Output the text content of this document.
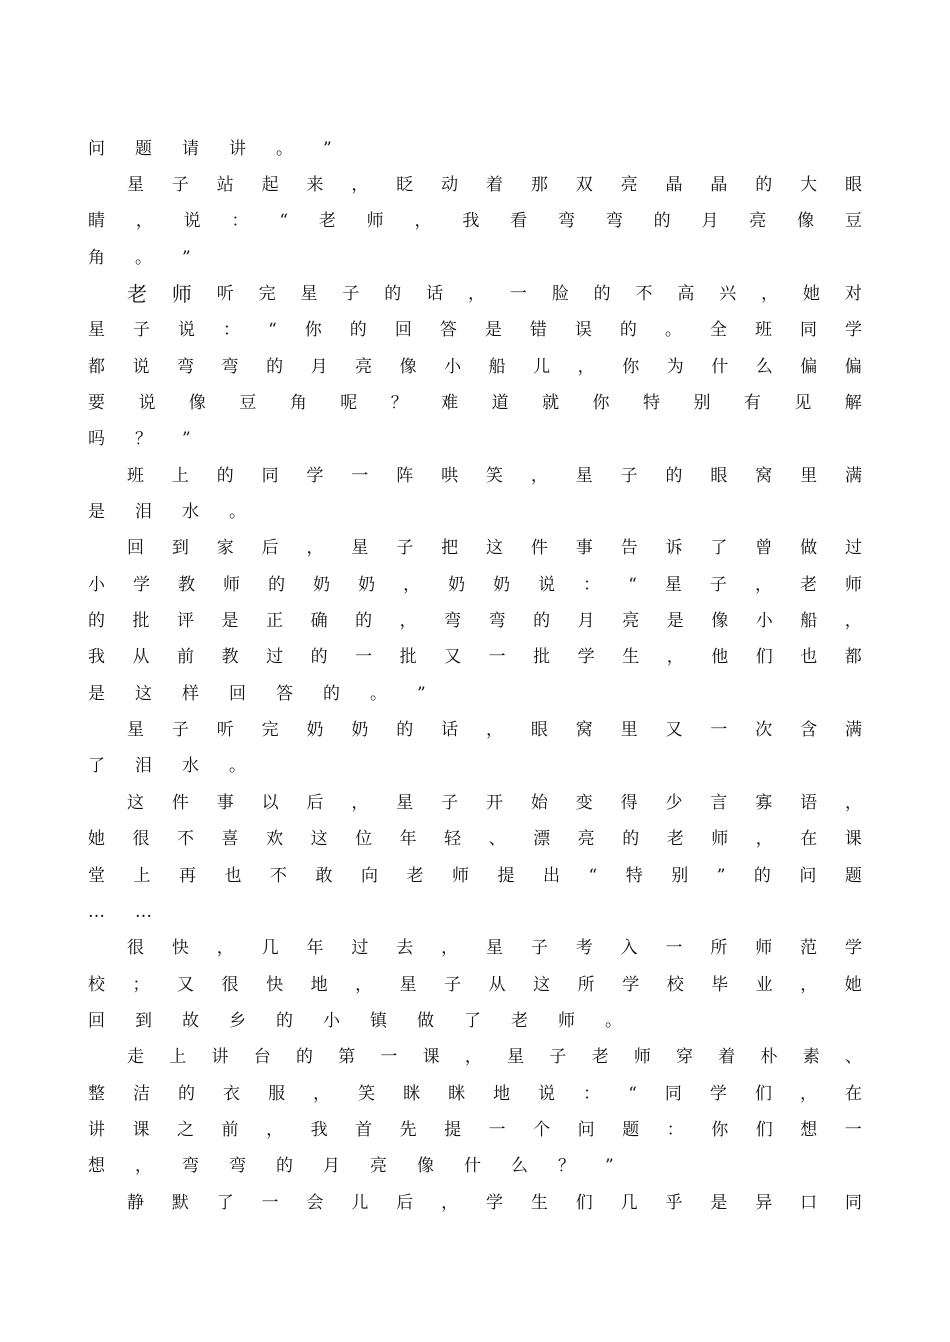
问 题 请 讲 。 ”
星 子 站 起 来 ， 眨 动 着 那 双 亮 晶 晶 的 大 眼
睛 ， 说 ： “ 老 师 ， 我 看 弯 弯 的 月 亮 像 豆
角 。 ”
老 师 听 完 星 子 的 话 ， 一 脸 的 不 高 兴 ， 她 对
星 子 说 ： “ 你 的 回 答 是 错 误 的 。 全 班 同 学
都 说 弯 弯 的 月 亮 像 小 船 儿 ， 你 为 什 么 偏 偏
要 说 像 豆 角 呢 ？ 难 道 就 你 特 别 有 见 解
吗 ？ ”
班 上 的 同 学 一 阵 哄 笑 ， 星 子 的 眼 窝 里 满
是 泪 水 。
回 到 家 后 ， 星 子 把 这 件 事 告 诉 了 曾 做 过
小 学 教 师 的 奶 奶 ， 奶 奶 说 ： “ 星 子 ， 老 师
的 批 评 是 正 确 的 ， 弯 弯 的 月 亮 是 像 小 船 ，
我 从 前 教 过 的 一 批 又 一 批 学 生 ， 他 们 也 都
是 这 样 回 答 的 。 ”
星 子 听 完 奶 奶 的 话 ， 眼 窝 里 又 一 次 含 满
了 泪 水 。
这 件 事 以 后 ， 星 子 开 始 变 得 少 言 寡 语 ，
她 很 不 喜 欢 这 位 年 轻 、 漂 亮 的 老 师 ， 在 课
堂 上 再 也 不 敢 向 老 师 提 出 “ 特 别 ” 的 问 题
… …
很 快 ， 几 年 过 去 ， 星 子 考 入 一 所 师 范 学
校 ； 又 很 快 地 ， 星 子 从 这 所 学 校 毕 业 ， 她
回 到 故 乡 的 小 镇 做 了 老 师 。
走 上 讲 台 的 第 一 课 ， 星 子 老 师 穿 着 朴 素 、
整 洁 的 衣 服 ， 笑 眯 眯 地 说 ： “ 同 学 们 ， 在
讲 课 之 前 ， 我 首 先 提 一 个 问 题 ： 你 们 想 一
想 ， 弯 弯 的 月 亮 像 什 么 ？ ”
静 默 了 一 会 儿 后 ， 学 生 们 几 乎 是 异 口 同
